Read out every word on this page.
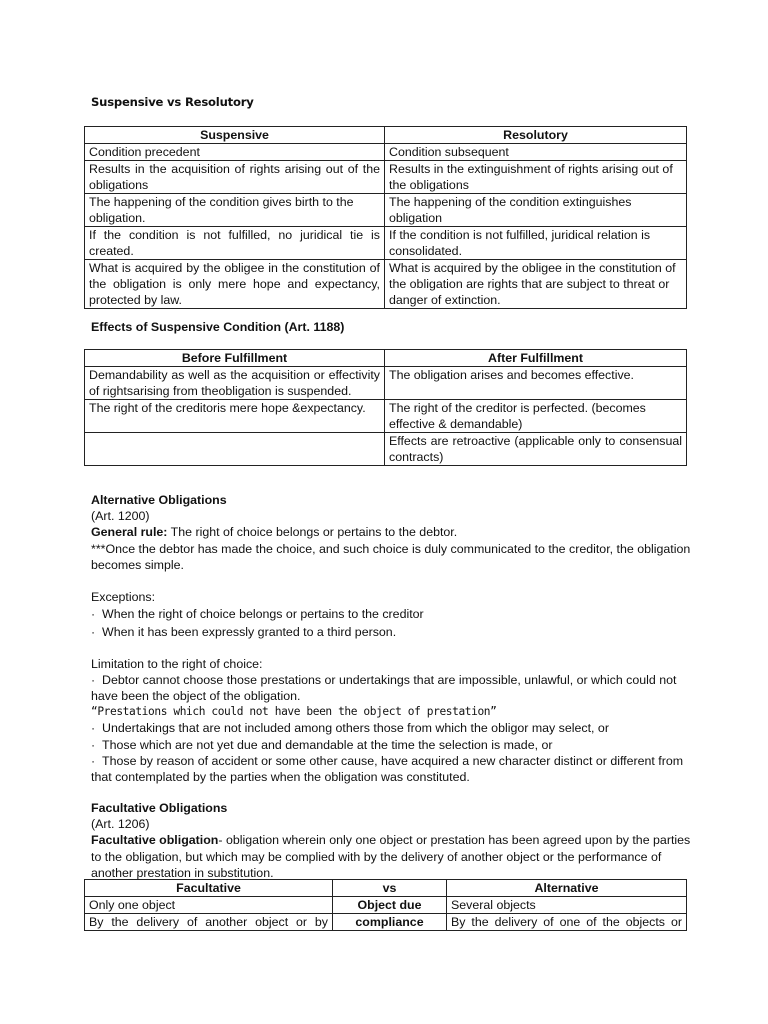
Suspensive vs Resolutory
Suspensive	Resolutory
Condition precedent	Condition subsequent
Results in the acquisition of rights arising out of the obligations	Results in the extinguishment of rights arising out of the obligations
The happening of the condition gives birth to the obligation.	The happening of the condition extinguishes obligation
If the condition is not fulfilled, no juridical tie is created.	If the condition is not fulfilled, juridical relation is consolidated.
What is acquired by the obligee in the constitution of the obligation is only mere hope and expectancy, protected by law.	What is acquired by the obligee in the constitution of the obligation are rights that are subject to threat or danger of extinction.
Effects of Suspensive Condition (Art. 1188)
Before Fulfillment	After Fulfillment
Demandability as well as the acquisition or effectivity of rightsarising from theobligation is suspended.	The obligation arises and becomes effective.
The right of the creditoris mere hope &expectancy.	The right of the creditor is perfected. (becomes effective & demandable)
	Effects are retroactive (applicable only to consensual contracts)
Alternative Obligations
(Art. 1200)
General rule: The right of choice belongs or pertains to the debtor.
***Once the debtor has made the choice, and such choice is duly communicated to the creditor, the obligation becomes simple.
Exceptions:
· When the right of choice belongs or pertains to the creditor
· When it has been expressly granted to a third person.
Limitation to the right of choice:
· Debtor cannot choose those prestations or undertakings that are impossible, unlawful, or which could not have been the object of the obligation.
“Prestations which could not have been the object of prestation”
· Undertakings that are not included among others those from which the obligor may select, or
· Those which are not yet due and demandable at the time the selection is made, or
· Those by reason of accident or some other cause, have acquired a new character distinct or different from that contemplated by the parties when the obligation was constituted.
Facultative Obligations
(Art. 1206)
Facultative obligation- obligation wherein only one object or prestation has been agreed upon by the parties to the obligation, but which may be complied with by the delivery of another object or the performance of another prestation in substitution.
Facultative	vs	Alternative
Only one object	Object due	Several objects
By the delivery of another object or by	compliance	By the delivery of one of the objects or
